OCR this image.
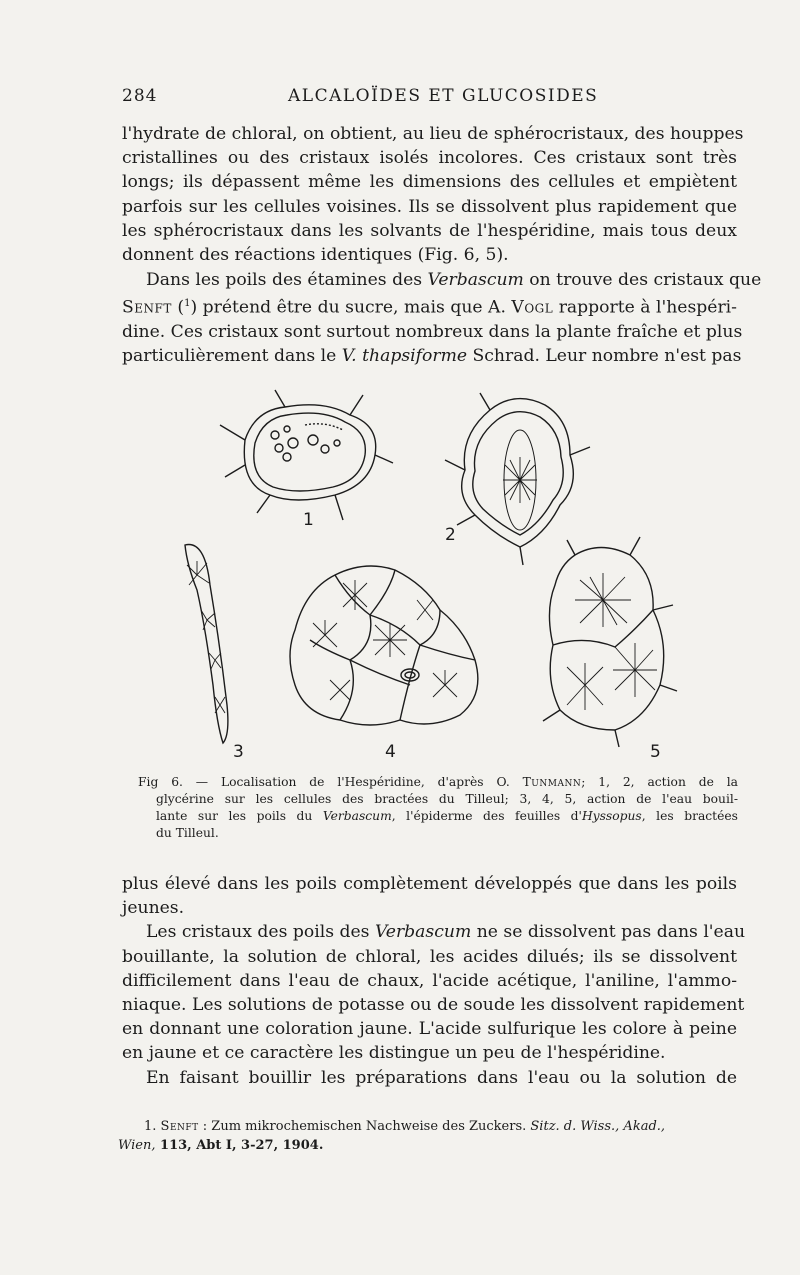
284	ALCALOÏDES ET GLUCOSIDES

l'hydrate de chloral, on obtient, au lieu de sphérocristaux, des houppes
cristallines ou des cristaux isolés incolores. Ces cristaux sont très
longs; ils dépassent même les dimensions des cellules et empiètent
parfois sur les cellules voisines. Ils se dissolvent plus rapidement que
les sphérocristaux dans les solvants de l'hespéridine, mais tous deux
donnent des réactions identiques (Fig. 6, 5).

Dans les poils des étamines des Verbascum on trouve des cristaux que
Senft ($^1$) prétend être du sucre, mais que A. Vogl rapporte à l'hespéri-
dine. Ces cristaux sont surtout nombreux dans la plante fraîche et plus
particulièrement dans le V. thapsiforme Schrad. Leur nombre n'est pas

1
2
3	4	5

Fig 6. — Localisation de l'Hespéridine, d'après O. Tunmann; 1, 2, action de la
glycérine sur les cellules des bractées du Tilleul; 3, 4, 5, action de l'eau bouil-
lante sur les poils du Verbascum, l'épiderme des feuilles d'Hyssopus, les bractées
du Tilleul.

plus élevé dans les poils complètement développés que dans les poils
jeunes.
Les cristaux des poils des Verbascum ne se dissolvent pas dans l'eau
bouillante, la solution de chloral, les acides dilués; ils se dissolvent
difficilement dans l'eau de chaux, l'acide acétique, l'aniline, l'ammo-
niaque. Les solutions de potasse ou de soude les dissolvent rapidement
en donnant une coloration jaune. L'acide sulfurique les colore à peine
en jaune et ce caractère les distingue un peu de l'hespéridine.
En faisant bouillir les préparations dans l'eau ou la solution de

1. Senft : Zum mikrochemischen Nachweise des Zuckers. Sitz. d. Wiss., Akad.,
Wien, 113, Abt I, 3-27, 1904.
